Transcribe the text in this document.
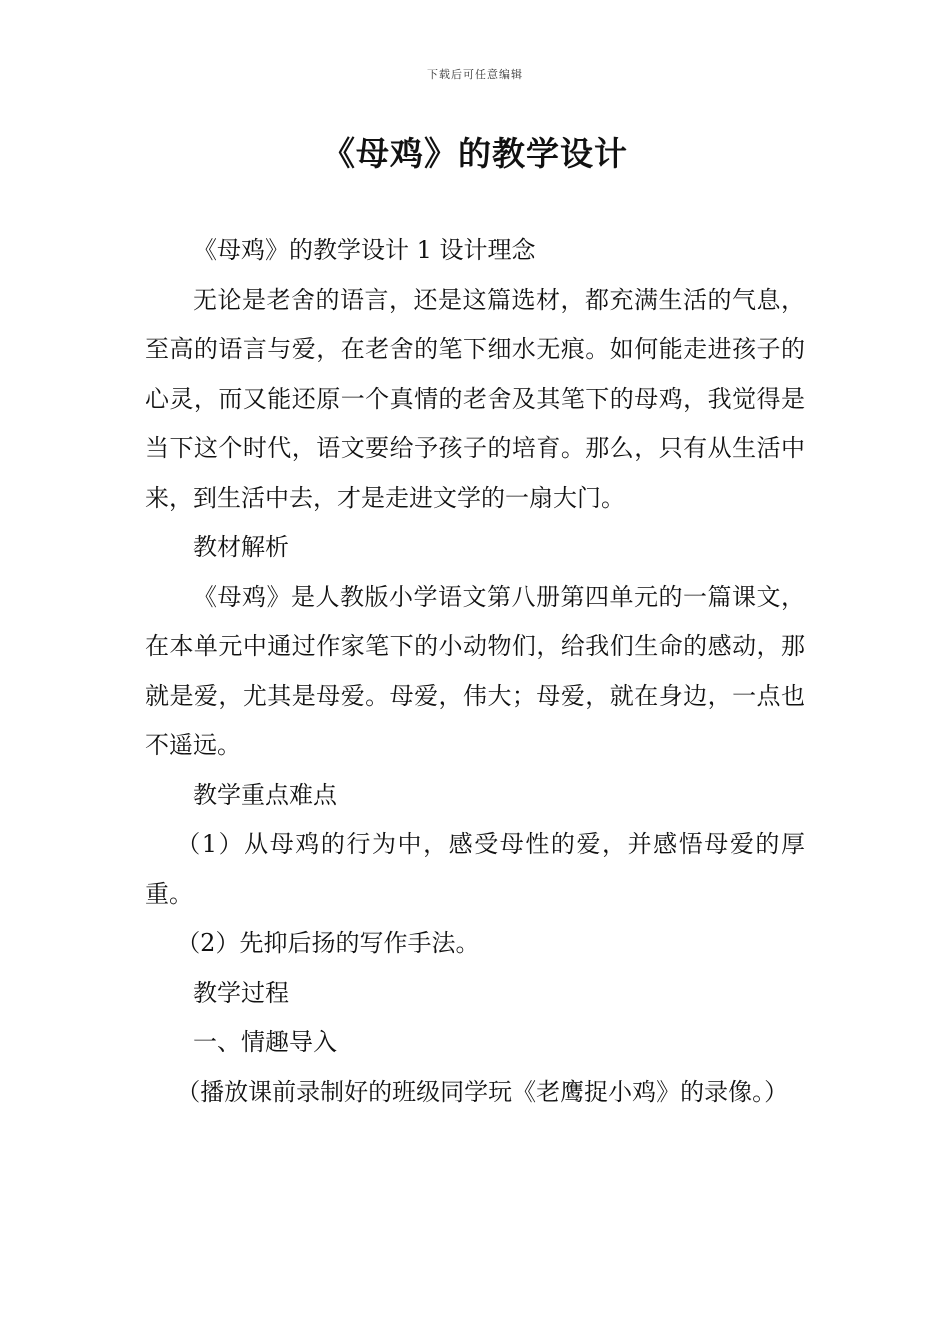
下载后可任意编辑
《母鸡》的教学设计

《母鸡》的教学设计 1 设计理念

无论是老舍的语言，还是这篇选材，都充满生活的气息，至高的语言与爱，在老舍的笔下细水无痕。如何能走进孩子的心灵，而又能还原一个真情的老舍及其笔下的母鸡，我觉得是当下这个时代，语文要给予孩子的培育。那么，只有从生活中来，到生活中去，才是走进文学的一扇大门。

教材解析

《母鸡》是人教版小学语文第八册第四单元的一篇课文，在本单元中通过作家笔下的小动物们，给我们生命的感动，那就是爱，尤其是母爱。母爱，伟大；母爱，就在身边，一点也不遥远。

教学重点难点

（1）从母鸡的行为中，感受母性的爱，并感悟母爱的厚重。

（2）先抑后扬的写作手法。

教学过程

一、情趣导入

（播放课前录制好的班级同学玩《老鹰捉小鸡》的录像。）
